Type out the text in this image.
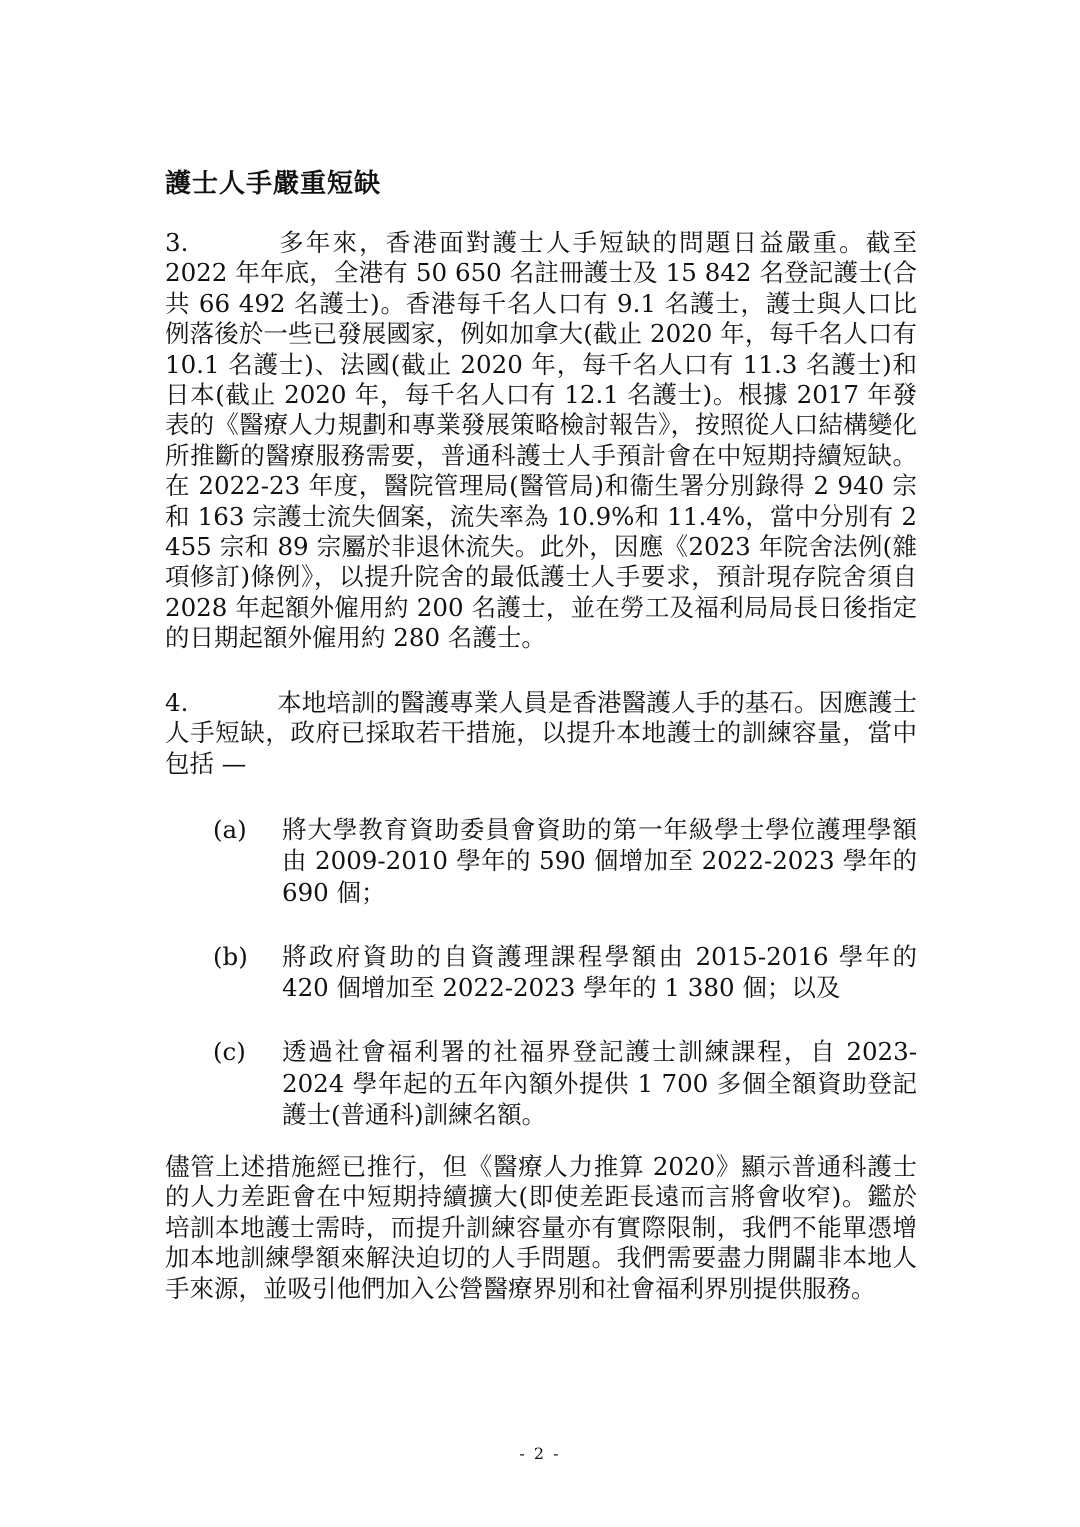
護士人手嚴重短缺

3.	多年來，香港面對護士人手短缺的問題日益嚴重。截至 2022 年年底，全港有 50 650 名註冊護士及 15 842 名登記護士(合共 66 492 名護士)。香港每千名人口有 9.1 名護士，護士與人口比例落後於一些已發展國家，例如加拿大(截止 2020 年，每千名人口有 10.1 名護士)、法國(截止 2020 年，每千名人口有 11.3 名護士)和日本(截止 2020 年，每千名人口有 12.1 名護士)。根據 2017 年發表的《醫療人力規劃和專業發展策略檢討報告》，按照從人口結構變化所推斷的醫療服務需要，普通科護士人手預計會在中短期持續短缺。在 2022-23 年度，醫院管理局(醫管局)和衞生署分別錄得 2 940 宗和 163 宗護士流失個案，流失率為 10.9%和 11.4%，當中分別有 2 455 宗和 89 宗屬於非退休流失。此外，因應《2023 年院舍法例(雜項修訂)條例》，以提升院舍的最低護士人手要求，預計現存院舍須自 2028 年起額外僱用約 200 名護士，並在勞工及福利局局長日後指定的日期起額外僱用約 280 名護士。

4.	本地培訓的醫護專業人員是香港醫護人手的基石。因應護士人手短缺，政府已採取若干措施，以提升本地護士的訓練容量，當中包括 —

(a)	將大學教育資助委員會資助的第一年級學士學位護理學額由 2009-2010 學年的 590 個增加至 2022-2023 學年的 690 個；
(b)	將政府資助的自資護理課程學額由 2015-2016 學年的 420 個增加至 2022-2023 學年的 1 380 個；以及
(c)	透過社會福利署的社福界登記護士訓練課程，自 2023-2024 學年起的五年內額外提供 1 700 多個全額資助登記護士(普通科)訓練名額。

儘管上述措施經已推行，但《醫療人力推算 2020》顯示普通科護士的人力差距會在中短期持續擴大(即使差距長遠而言將會收窄)。鑑於培訓本地護士需時，而提升訓練容量亦有實際限制，我們不能單憑增加本地訓練學額來解決迫切的人手問題。我們需要盡力開闢非本地人手來源，並吸引他們加入公營醫療界別和社會福利界別提供服務。

- 2 -
